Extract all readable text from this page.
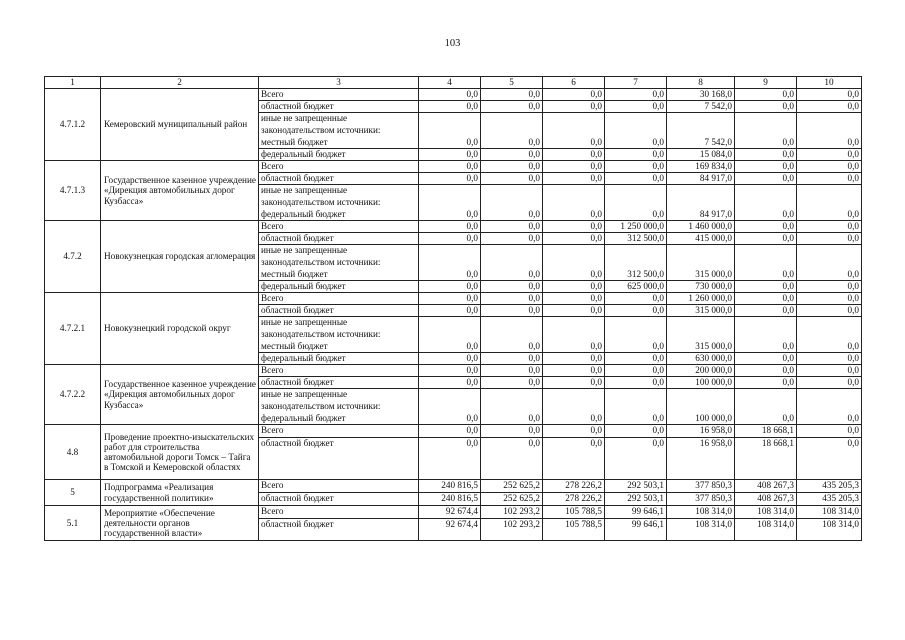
103
1	2	3	4	5	6	7	8	9	10
4.7.1.2	Кемеровский муниципальный район	Всего	0,0	0,0	0,0	0,0	30 168,0	0,0	0,0
		областной бюджет	0,0	0,0	0,0	0,0	7 542,0	0,0	0,0
		иные не запрещенные							
		законодательством источники:							
		местный бюджет	0,0	0,0	0,0	0,0	7 542,0	0,0	0,0
		федеральный бюджет	0,0	0,0	0,0	0,0	15 084,0	0,0	0,0
4.7.1.3	Государственное казенное учреждение «Дирекция автомобильных дорог Кузбасса»	Всего	0,0	0,0	0,0	0,0	169 834,0	0,0	0,0
		областной бюджет	0,0	0,0	0,0	0,0	84 917,0	0,0	0,0
		иные не запрещенные							
		законодательством источники:							
		федеральный бюджет	0,0	0,0	0,0	0,0	84 917,0	0,0	0,0
4.7.2	Новокузнецкая городская агломерация	Всего	0,0	0,0	0,0	1 250 000,0	1 460 000,0	0,0	0,0
		областной бюджет	0,0	0,0	0,0	312 500,0	415 000,0	0,0	0,0
		иные не запрещенные							
		законодательством источники:							
		местный бюджет	0,0	0,0	0,0	312 500,0	315 000,0	0,0	0,0
		федеральный бюджет	0,0	0,0	0,0	625 000,0	730 000,0	0,0	0,0
4.7.2.1	Новокузнецкий городской округ	Всего	0,0	0,0	0,0	0,0	1 260 000,0	0,0	0,0
		областной бюджет	0,0	0,0	0,0	0,0	315 000,0	0,0	0,0
		иные не запрещенные							
		законодательством источники:							
		местный бюджет	0,0	0,0	0,0	0,0	315 000,0	0,0	0,0
		федеральный бюджет	0,0	0,0	0,0	0,0	630 000,0	0,0	0,0
4.7.2.2	Государственное казенное учреждение «Дирекция автомобильных дорог Кузбасса»	Всего	0,0	0,0	0,0	0,0	200 000,0	0,0	0,0
		областной бюджет	0,0	0,0	0,0	0,0	100 000,0	0,0	0,0
		иные не запрещенные							
		законодательством источники:							
		федеральный бюджет	0,0	0,0	0,0	0,0	100 000,0	0,0	0,0
4.8	Проведение проектно-изыскательских работ для строительства автомобильной дороги Томск – Тайга в Томской и Кемеровской областях	Всего	0,0	0,0	0,0	0,0	16 958,0	18 668,1	0,0
		областной бюджет	0,0	0,0	0,0	0,0	16 958,0	18 668,1	0,0
5	Подпрограмма «Реализация государственной политики»	Всего	240 816,5	252 625,2	278 226,2	292 503,1	377 850,3	408 267,3	435 205,3
		областной бюджет	240 816,5	252 625,2	278 226,2	292 503,1	377 850,3	408 267,3	435 205,3
5.1	Мероприятие «Обеспечение деятельности органов государственной власти»	Всего	92 674,4	102 293,2	105 788,5	99 646,1	108 314,0	108 314,0	108 314,0
		областной бюджет	92 674,4	102 293,2	105 788,5	99 646,1	108 314,0	108 314,0	108 314,0
